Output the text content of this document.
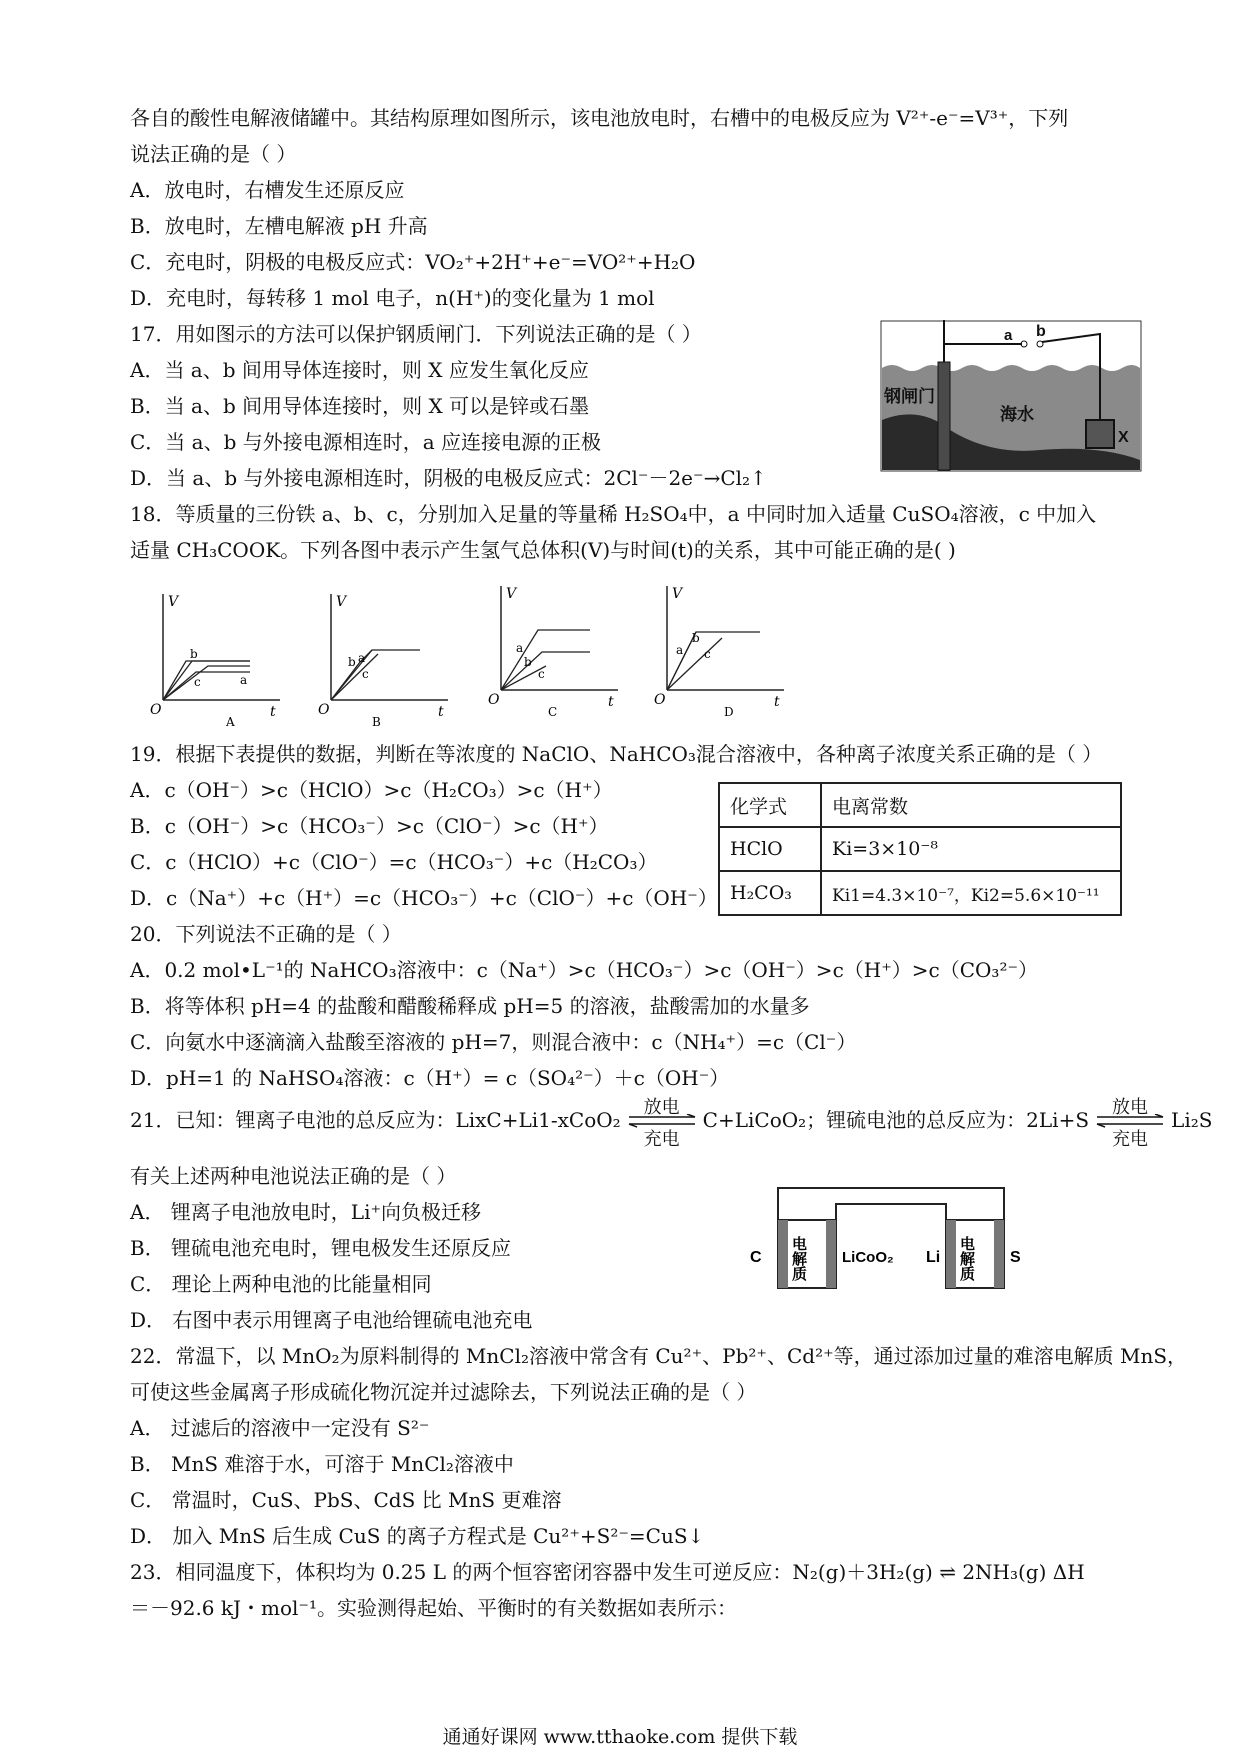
各自的酸性电解液储罐中。其结构原理如图所示，该电池放电时，右槽中的电极反应为 V²⁺-e⁻=V³⁺，下列
说法正确的是（ ）
A．放电时，右槽发生还原反应
B．放电时，左槽电解液 pH 升高
C．充电时，阴极的电极反应式：VO₂⁺+2H⁺+e⁻=VO²⁺+H₂O
D．充电时，每转移 1 mol 电子，n(H⁺)的变化量为 1 mol
17．用如图示的方法可以保护钢质闸门．下列说法正确的是（ ）
A．当 a、b 间用导体连接时，则 X 应发生氧化反应
B．当 a、b 间用导体连接时，则 X 可以是锌或石墨
C．当 a、b 与外接电源相连时，a 应连接电源的正极
D．当 a、b 与外接电源相连时，阴极的电极反应式：2Cl⁻－2e⁻→Cl₂↑
a b
钢闸门
海水
X
18．等质量的三份铁 a、b、c，分别加入足量的等量稀 H₂SO₄中，a 中同时加入适量 CuSO₄溶液，c 中加入
适量 CH₃COOK。下列各图中表示产生氢气总体积(V)与时间(t)的关系，其中可能正确的是( )
V
O	t
b
a
c
A
V
O	t
b a
c
B
V
O	t
a
b
c
C
V
O	t
a
b
c
D
19．根据下表提供的数据，判断在等浓度的 NaClO、NaHCO₃混合溶液中，各种离子浓度关系正确的是（ ）
A．c（OH⁻）>c（HClO）>c（H₂CO₃）>c（H⁺）
B．c（OH⁻）>c（HCO₃⁻）>c（ClO⁻）>c（H⁺）
C．c（HClO）+c（ClO⁻）=c（HCO₃⁻）+c（H₂CO₃）
D．c（Na⁺）+c（H⁺）=c（HCO₃⁻）+c（ClO⁻）+c（OH⁻）
化学式	电离常数
HClO	Ki=3×10⁻⁸
H₂CO₃	Ki1=4.3×10⁻⁷，Ki2=5.6×10⁻¹¹
20．下列说法不正确的是（ ）
A．0.2 mol•L⁻¹的 NaHCO₃溶液中：c（Na⁺）>c（HCO₃⁻）>c（OH⁻）>c（H⁺）>c（CO₃²⁻）
B．将等体积 pH=4 的盐酸和醋酸稀释成 pH=5 的溶液，盐酸需加的水量多
C．向氨水中逐滴滴入盐酸至溶液的 pH=7，则混合液中：c（NH₄⁺）=c（Cl⁻）
D．pH=1 的 NaHSO₄溶液：c（H⁺）= c（SO₄²⁻）＋c（OH⁻）
21．已知：锂离子电池的总反应为：LixC+Li1-xCoO₂
放电
充电
C+LiCoO₂；锂硫电池的总反应为：2Li+S
放电
充电
Li₂S
有关上述两种电池说法正确的是（ ）
A． 锂离子电池放电时，Li⁺向负极迁移
B． 锂硫电池充电时，锂电极发生还原反应
C． 理论上两种电池的比能量相同
D． 右图中表示用锂离子电池给锂硫电池充电
C	LiCoO₂ Li	S
电解质	电解质
22．常温下，以 MnO₂为原料制得的 MnCl₂溶液中常含有 Cu²⁺、Pb²⁺、Cd²⁺等，通过添加过量的难溶电解质 MnS，
可使这些金属离子形成硫化物沉淀并过滤除去，下列说法正确的是（ ）
A． 过滤后的溶液中一定没有 S²⁻
B． MnS 难溶于水，可溶于 MnCl₂溶液中
C． 常温时，CuS、PbS、CdS 比 MnS 更难溶
D． 加入 MnS 后生成 CuS 的离子方程式是 Cu²⁺+S²⁻=CuS↓
23．相同温度下，体积均为 0.25 L 的两个恒容密闭容器中发生可逆反应：N₂(g)＋3H₂(g) ⇌ 2NH₃(g) ΔH
＝－92.6 kJ・mol⁻¹。实验测得起始、平衡时的有关数据如表所示：
通通好课网 www.tthaoke.com 提供下载
